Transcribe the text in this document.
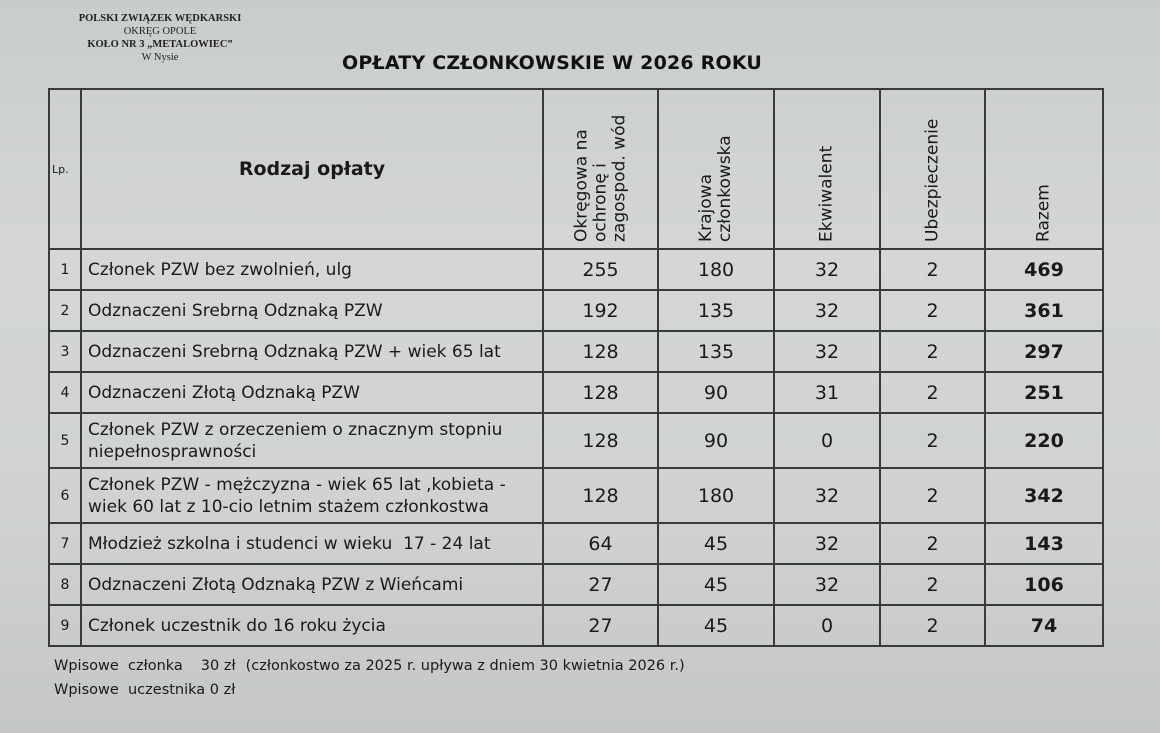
POLSKI ZWIĄZEK WĘDKARSKI
OKRĘG OPOLE
KOŁO NR 3 „METALOWIEC”
W Nysie	OPŁATY CZŁONKOWSKIE W 2026 ROKU
Lp.	Rodzaj opłaty	Okręgowa na ochronę i zagospod. wód	Krajowa członkowska	Ekwiwalent	Ubezpieczenie	Razem

1	Członek PZW bez zwolnień, ulg	255	180	32	2	469
2	Odznaczeni Srebrną Odznaką PZW	192	135	32	2	361
3	Odznaczeni Srebrną Odznaką PZW + wiek 65 lat	128	135	32	2	297
4	Odznaczeni Złotą Odznaką PZW	128	90	31	2	251
5	Członek PZW z orzeczeniem o znacznym stopniu
niepełnosprawności	128	90	0	2	220
6	Członek PZW - mężczyzna - wiek 65 lat ,kobieta -
wiek 60 lat z 10-cio letnim stażem członkostwa	128	180	32	2	342
7	Młodzież szkolna i studenci w wieku  17 - 24 lat	64	45	32	2	143
8	Odznaczeni Złotą Odznaką PZW z Wieńcami	27	45	32	2	106
9	Członek uczestnik do 16 roku życia	27	45	0	2	74
Wpisowe  członka 30 zł (członkostwo za 2025 r. upływa z dniem 30 kwietnia 2026 r.)
Wpisowe  uczestnika 0 zł
